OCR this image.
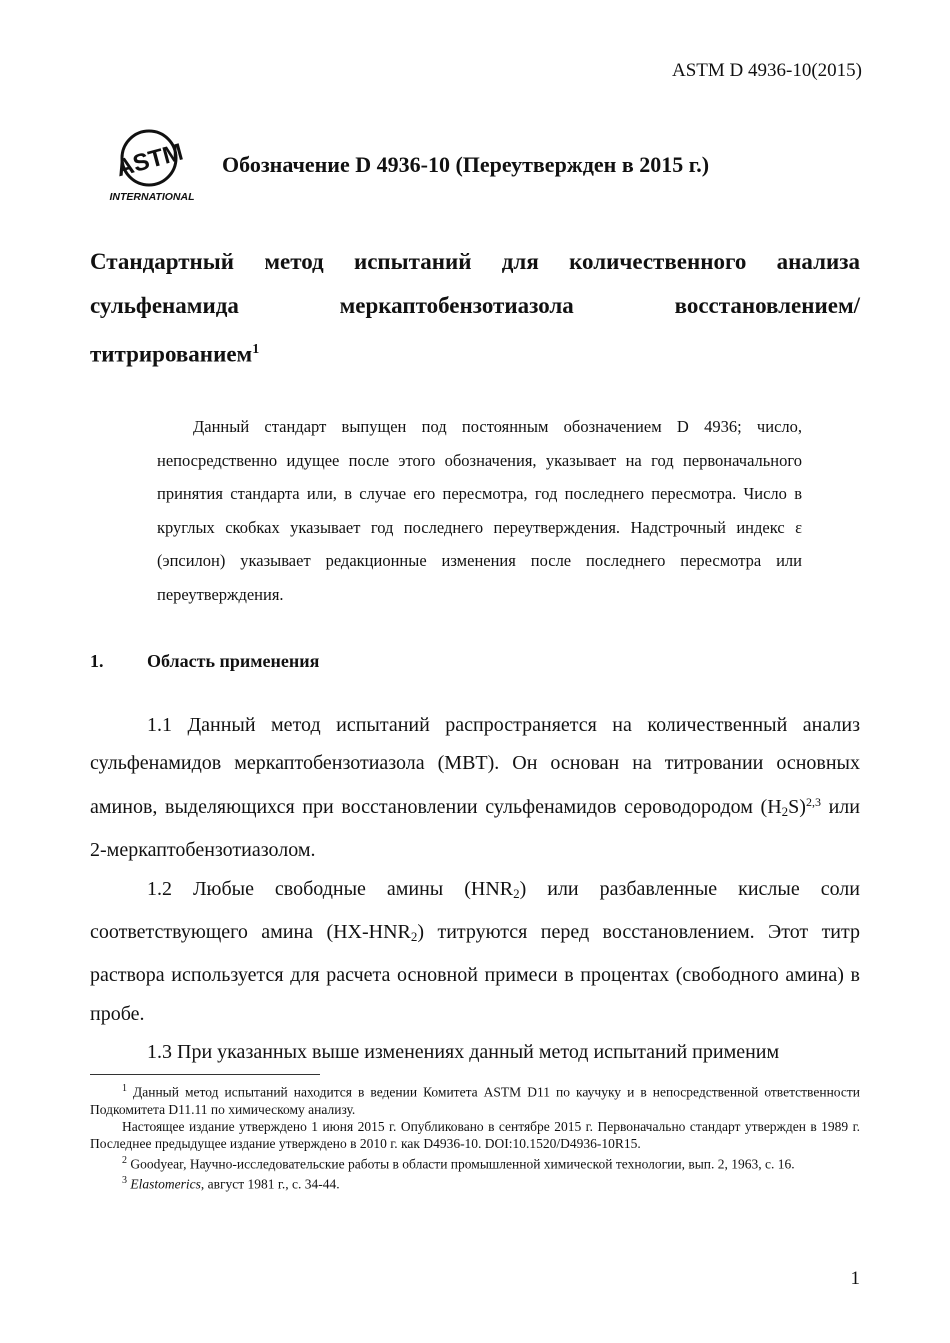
ASTM D 4936-10(2015)
ASTM
INTERNATIONAL
Обозначение D 4936-10 (Переутвержден в 2015 г.)
Стандартный метод испытаний для количественного анализа
сульфенамида	меркаптобензотиазола	восстановлением/
титрированием$^1$
Данный стандарт выпущен под постоянным обозначением D 4936; число, непосредственно идущее после этого обозначения, указывает на год первоначального принятия стандарта или, в случае его пересмотра, год последнего пересмотра. Число в круглых скобках указывает год последнего переутверждения. Надстрочный индекс ε (эпсилон) указывает редакционные изменения после последнего пересмотра или переутверждения.
1. Область применения

1.1 Данный метод испытаний распространяется на количественный анализ сульфенамидов меркаптобензотиазола (MBT). Он основан на титровании основных аминов, выделяющихся при восстановлении сульфенамидов сероводородом $(H_2S)^{2,3}$ или 2-меркаптобензотиазолом.

1.2 Любые свободные амины $(HNR_2)$ или разбавленные кислые соли соответствующего амина $(HX-HNR_2)$ титруются перед восстановлением. Этот титр раствора используется для расчета основной примеси в процентах (свободного амина) в пробе.

1.3 При указанных выше изменениях данный метод испытаний применим

$^1$ Данный метод испытаний находится в ведении Комитета ASTM D11 по каучуку и в непосредственной ответственности Подкомитета D11.11 по химическому анализу.

Настоящее издание утверждено 1 июня 2015 г. Опубликовано в сентябре 2015 г. Первоначально стандарт утвержден в 1989 г. Последнее предыдущее издание утверждено в 2010 г. как D4936-10. DOI:10.1520/D4936-10R15.

$^2$ Goodyear, Научно-исследовательские работы в области промышленной химической технологии, вып. 2, 1963, с. 16.

$^3$ Elastomerics, август 1981 г., с. 34-44.

1
